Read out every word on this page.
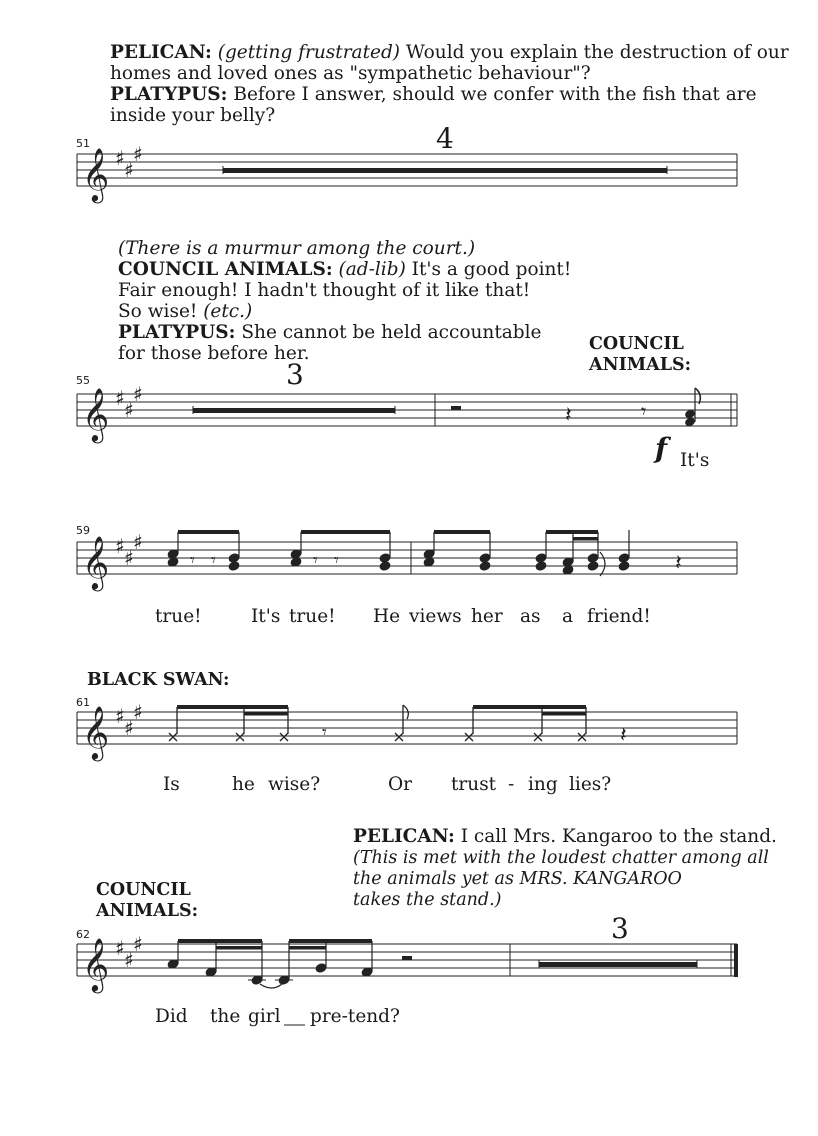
PELICAN: (getting frustrated) Would you explain the destruction of our
homes and loved ones as "sympathetic behaviour"?
PLATYPUS: Before I answer, should we confer with the fish that are
inside your belly?
51	4
𝄞 ♯ ♯
♯
(There is a murmur among the court.)
COUNCIL ANIMALS: (ad-lib) It's a good point!
Fair enough! I hadn't thought of it like that!
So wise! (etc.)
PLATYPUS: She cannot be held accountable
for those before her.	COUNCIL
ANIMALS:
55	3
f It's
𝄞 ♯ ♯
♯
𝄽	𝄾
59
𝄞 ♯ ♯
♯
𝄾 𝄾	𝄾 𝄾	𝄽
true!	It's true! He views her as a friend!
BLACK SWAN:
61
𝄞 ♯ ♯
♯
𝄾	𝄽
Is	he wise?	Or trust - ing lies?
PELICAN: I call Mrs. Kangaroo to the stand.
(This is met with the loudest chatter among all
the animals yet as MRS. KANGAROO
takes the stand.)
COUNCIL
ANIMALS:
62	3
𝄞 ♯ ♯
♯
Did the girl pre-tend?
